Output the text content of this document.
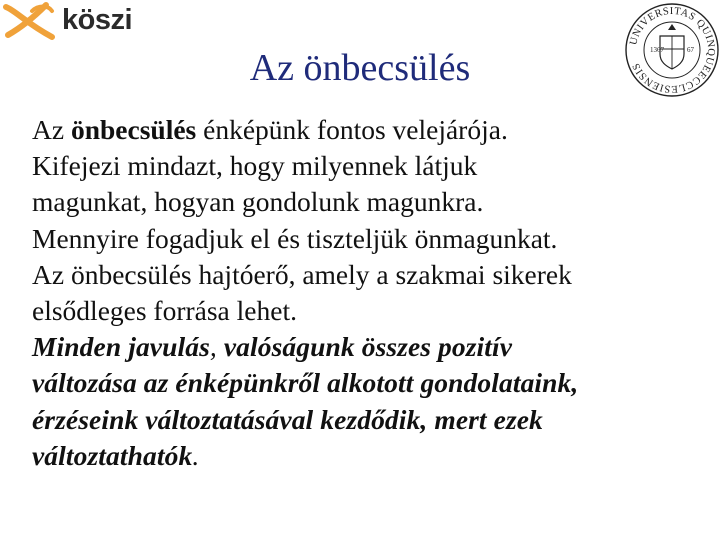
köszi
UNIVERSITAS QUINQUEECCLESIENSIS
1367	67
Az önbecsülés
Az önbecsülés énképünk fontos velejárója.
Kifejezi mindazt, hogy milyennek látjuk
magunkat, hogyan gondolunk magunkra.
Mennyire fogadjuk el és tiszteljük önmagunkat.
Az önbecsülés hajtóerő, amely a szakmai sikerek
elsődleges forrása lehet.
Minden javulás, valóságunk összes pozitív
változása az énképünkről alkotott gondolataink,
érzéseink változtatásával kezdődik, mert ezek
változtathatók.
